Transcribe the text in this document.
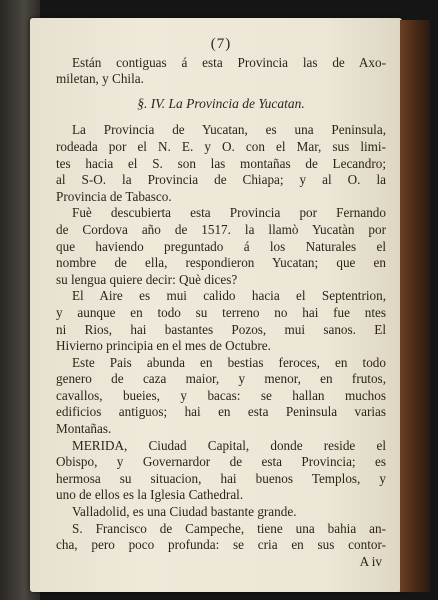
(7)
Están contiguas á esta Provincia las de Axo-
miletan, y Chila.
§. IV. La Provincia de Yucatan.
La Provincia de Yucatan, es una Peninsula,
rodeada por el N. E. y O. con el Mar, sus limi-
tes hacia el S. son las montañas de Lecandro;
al S-O. la Provincia de Chiapa; y al O. la
Provincia de Tabasco.
Fuè descubierta esta Provincia por Fernando
de Cordova año de 1517. la llamò Yucatàn por
que haviendo preguntado á los Naturales el
nombre de ella, respondieron Yucatan; que en
su lengua quiere decir: Què dices?
El Aire es mui calido hacia el Septentrion,
y aunque en todo su terreno no hai fue ntes
ni Rios, hai bastantes Pozos, mui sanos. El
Hivierno principia en el mes de Octubre.
Este Pais abunda en bestias feroces, en todo
genero de caza maior, y menor, en frutos,
cavallos, bueies, y bacas: se hallan muchos
edificios antiguos; hai en esta Peninsula varias
Montañas.
MERIDA, Ciudad Capital, donde reside el
Obispo, y Governardor de esta Provincia; es
hermosa su situacion, hai buenos Templos, y
uno de ellos es la Iglesia Cathedral.
Valladolid, es una Ciudad bastante grande.
S. Francisco de Campeche, tiene una bahia an-
cha, pero poco profunda: se cria en sus contor-
A iv
